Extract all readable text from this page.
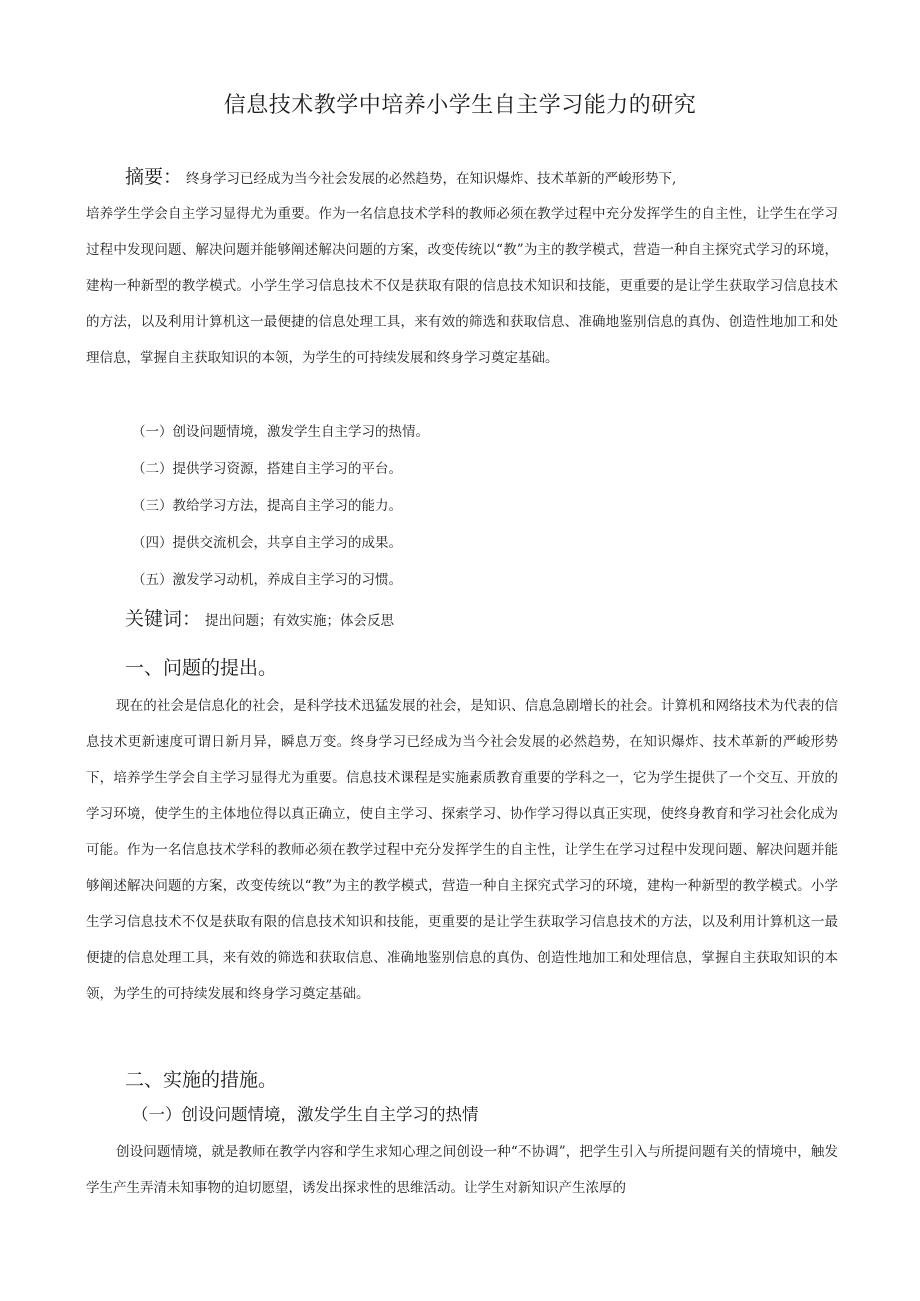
信息技术教学中培养小学生自主学习能力的研究
摘要： 终身学习已经成为当今社会发展的必然趋势，在知识爆炸、技术革新的严峻形势下,
培养学生学会自主学习显得尤为重要。作为一名信息技术学科的教师必须在教学过程中充分发挥学生的自主性，让学生在学习过程中发现问题、解决问题并能够阐述解决问题的方案，改变传统以“教”为主的教学模式，营造一种自主探究式学习的环境，建构一种新型的教学模式。小学生学习信息技术不仅是获取有限的信息技术知识和技能，更重要的是让学生获取学习信息技术的方法，以及利用计算机这一最便捷的信息处理工具，来有效的筛选和获取信息、准确地鉴别信息的真伪、创造性地加工和处理信息，掌握自主获取知识的本领，为学生的可持续发展和终身学习奠定基础。
（一）创设问题情境，激发学生自主学习的热情。
（二）提供学习资源，搭建自主学习的平台。
（三）教给学习方法，提高自主学习的能力。
（四）提供交流机会，共享自主学习的成果。
（五）激发学习动机，养成自主学习的习惯。
关键词： 提出问题；有效实施；体会反思
一、问题的提出。
现在的社会是信息化的社会，是科学技术迅猛发展的社会，是知识、信息急剧增长的社会。计算机和网络技术为代表的信息技术更新速度可谓日新月异，瞬息万变。终身学习已经成为当今社会发展的必然趋势，在知识爆炸、技术革新的严峻形势下，培养学生学会自主学习显得尤为重要。信息技术课程是实施素质教育重要的学科之一，它为学生提供了一个交互、开放的学习环境，使学生的主体地位得以真正确立，使自主学习、探索学习、协作学习得以真正实现，使终身教育和学习社会化成为可能。作为一名信息技术学科的教师必须在教学过程中充分发挥学生的自主性，让学生在学习过程中发现问题、解决问题并能够阐述解决问题的方案，改变传统以“教”为主的教学模式，营造一种自主探究式学习的环境，建构一种新型的教学模式。小学生学习信息技术不仅是获取有限的信息技术知识和技能，更重要的是让学生获取学习信息技术的方法，以及利用计算机这一最便捷的信息处理工具，来有效的筛选和获取信息、准确地鉴别信息的真伪、创造性地加工和处理信息，掌握自主获取知识的本领，为学生的可持续发展和终身学习奠定基础。
二、实施的措施。
（一）创设问题情境，激发学生自主学习的热情
创设问题情境，就是教师在教学内容和学生求知心理之间创设一种“不协调”，把学生引入与所提问题有关的情境中，触发学生产生弄清未知事物的迫切愿望，诱发出探求性的思维活动。让学生对新知识产生浓厚的
